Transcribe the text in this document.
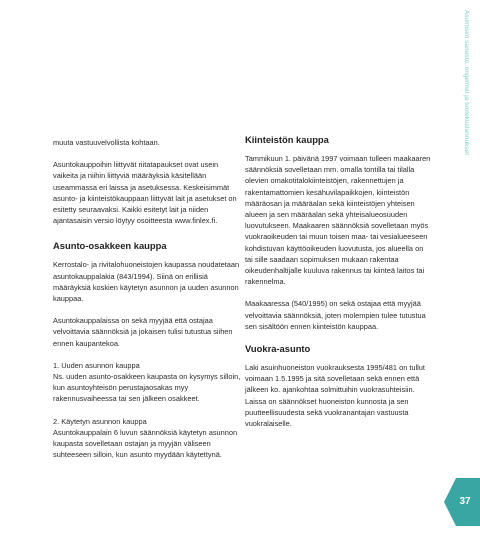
muuta vastuuvelvollista kohtaan.

Asuntokauppoihin liittyvät riitatapaukset ovat usein vaikeita ja niihin liittyviä määräyksiä käsitellään useammassa eri laissa ja asetuksessa. Keskeisimmät asunto- ja kiinteistökauppaan liittyvät lait ja asetukset on esitetty seuraavaksi. Kaikki esitetyt lait ja niiden ajantasaisin versio löytyy osoitteesta www.finlex.fi.

Asunto-osakkeen kauppa

Kerrostalo- ja rivitalohuoneistojen kaupassa noudatetaan asuntokauppalakia (843/1994). Siinä on erillisiä määräyksiä koskien käytetyn asunnon ja uuden asunnon kauppaa.

Asuntokauppalaissa on sekä myyjää että ostajaa velvoittavia säännöksiä ja jokaisen tulisi tutustua siihen ennen kaupantekoa.

1. Uuden asunnon kauppa
Ns. uuden asunto-osakkeen kaupasta on kysymys silloin, kun asuntoyhteisön perustajaosakas myy rakennusvaiheessa tai sen jälkeen osakkeet.

2. Käytetyn asunnon kauppa
Asuntokauppalain 6 luvun säännöksiä käytetyn asunnon kaupasta sovelletaan ostajan ja myyjän väliseen suhteeseen silloin, kun asunto myydään käytettynä.

Kiinteistön kauppa

Tammikuun 1. päivänä 1997 voimaan tulleen maakaaren säännöksiä sovelletaan mm. omalla tontilla tai tilalla olevien omakotitalokiinteistöjen, rakennettujen ja rakentamattomien kesähuvilapaikkojen, kiinteistön määräosan ja määräalan sekä kiinteistöjen yhteisen alueen ja sen määräalan sekä yhteisalueosuuden luovutukseen. Maakaaren säännöksiä sovelletaan myös vuokraoikeuden tai muun toisen maa- tai vesialueeseen kohdistuvan käyttöoikeuden luovutusta, jos alueella on tai sille saadaan sopimuksen mukaan rakentaa oikeudenhaltijalle kuuluva rakennus tai kiinteä laitos tai rakennelma.

Maakaaressa (540/1995) on sekä ostajaa että myyjää velvoittavia säännöksiä, joten molempien tulee tutustua sen sisältöön ennen kiinteistön kauppaa.

Vuokra-asunto

Laki asuinhuoneiston vuokrauksesta 1995/481 on tullut voimaan 1.5.1995 ja sitä sovelletaan sekä ennen että jälkeen ko. ajankohtaa solmittuihin vuokrasuhteisiin. Laissa on säännökset huoneiston kunnosta ja sen puutteellisuudesta sekä vuokranantajan vastuusta vuokralaiselle.

Asumisen sanasto, ongelmat ja tuotekustannukset
37
